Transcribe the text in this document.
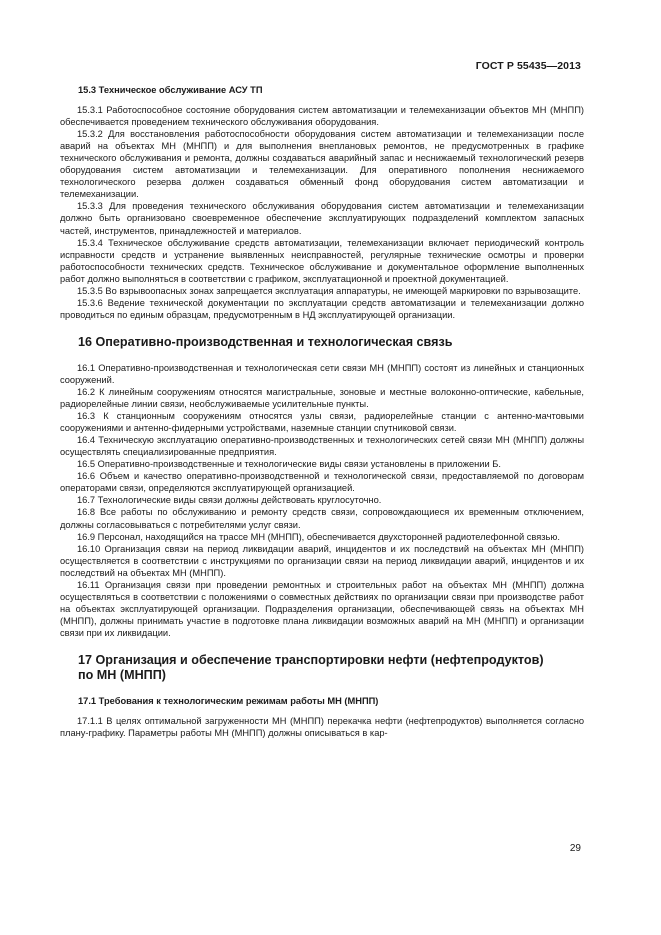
ГОСТ Р 55435—2013
15.3 Техническое обслуживание АСУ ТП

15.3.1 Работоспособное состояние оборудования систем автоматизации и телемеханизации объектов МН (МНПП) обеспечивается проведением технического обслуживания оборудования.

15.3.2 Для восстановления работоспособности оборудования систем автоматизации и телемеханизации после аварий на объектах МН (МНПП) и для выполнения внеплановых ремонтов, не предусмотренных в графике технического обслуживания и ремонта, должны создаваться аварийный запас и неснижаемый технологический резерв оборудования систем автоматизации и телемеханизации. Для оперативного пополнения неснижаемого технологического резерва должен создаваться обменный фонд оборудования систем автоматизации и телемеханизации.

15.3.3 Для проведения технического обслуживания оборудования систем автоматизации и телемеханизации должно быть организовано своевременное обеспечение эксплуатирующих подразделений комплектом запасных частей, инструментов, принадлежностей и материалов.

15.3.4 Техническое обслуживание средств автоматизации, телемеханизации включает периодический контроль исправности средств и устранение выявленных неисправностей, регулярные технические осмотры и проверки работоспособности технических средств. Техническое обслуживание и документальное оформление выполненных работ должно выполняться в соответствии с графиком, эксплуатационной и проектной документацией.

15.3.5 Во взрывоопасных зонах запрещается эксплуатация аппаратуры, не имеющей маркировки по взрывозащите.

15.3.6 Ведение технической документации по эксплуатации средств автоматизации и телемеханизации должно проводиться по единым образцам, предусмотренным в НД эксплуатирующей организации.

16 Оперативно-производственная и технологическая связь

16.1 Оперативно-производственная и технологическая сети связи МН (МНПП) состоят из линейных и станционных сооружений.

16.2 К линейным сооружениям относятся магистральные, зоновые и местные волоконно-оптические, кабельные, радиорелейные линии связи, необслуживаемые усилительные пункты.

16.3 К станционным сооружениям относятся узлы связи, радиорелейные станции с антенно-мачтовыми сооружениями и антенно-фидерными устройствами, наземные станции спутниковой связи.

16.4 Техническую эксплуатацию оперативно-производственных и технологических сетей связи МН (МНПП) должны осуществлять специализированные предприятия.

16.5 Оперативно-производственные и технологические виды связи установлены в приложении Б.

16.6 Объем и качество оперативно-производственной и технологической связи, предоставляемой по договорам операторами связи, определяются эксплуатирующей организацией.

16.7 Технологические виды связи должны действовать круглосуточно.

16.8 Все работы по обслуживанию и ремонту средств связи, сопровождающиеся их временным отключением, должны согласовываться с потребителями услуг связи.

16.9 Персонал, находящийся на трассе МН (МНПП), обеспечивается двухсторонней радиотелефонной связью.

16.10 Организация связи на период ликвидации аварий, инцидентов и их последствий на объектах МН (МНПП) осуществляется в соответствии с инструкциями по организации связи на период ликвидации аварий, инцидентов и их последствий на объектах МН (МНПП).

16.11 Организация связи при проведении ремонтных и строительных работ на объектах МН (МНПП) должна осуществляться в соответствии с положениями о совместных действиях по организации связи при производстве работ на объектах эксплуатирующей организации. Подразделения организации, обеспечивающей связь на объектах МН (МНПП), должны принимать участие в подготовке плана ликвидации возможных аварий на МН (МНПП) и организации связи при их ликвидации.

17 Организация и обеспечение транспортировки нефти (нефтепродуктов)
по МН (МНПП)
17.1 Требования к технологическим режимам работы МН (МНПП)

17.1.1 В целях оптимальной загруженности МН (МНПП) перекачка нефти (нефтепродуктов) выполняется согласно плану-графику. Параметры работы МН (МНПП) должны описываться в кар-

29
